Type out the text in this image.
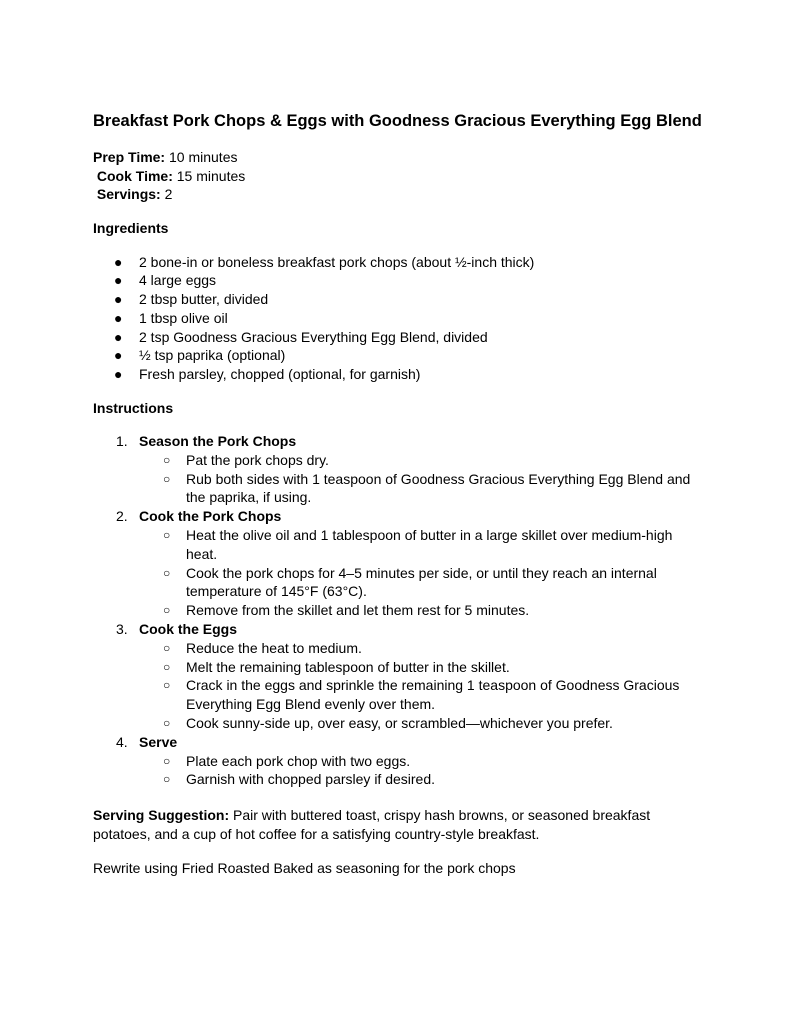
Breakfast Pork Chops & Eggs with Goodness Gracious Everything Egg Blend
Prep Time: 10 minutes
Cook Time: 15 minutes
Servings: 2
Ingredients
● 2 bone-in or boneless breakfast pork chops (about ½-inch thick)
● 4 large eggs
● 2 tbsp butter, divided
● 1 tbsp olive oil
● 2 tsp Goodness Gracious Everything Egg Blend, divided
● ½ tsp paprika (optional)
● Fresh parsley, chopped (optional, for garnish)
Instructions
1. Season the Pork Chops
○ Pat the pork chops dry.
○ Rub both sides with 1 teaspoon of Goodness Gracious Everything Egg Blend and the paprika, if using.
2. Cook the Pork Chops
○ Heat the olive oil and 1 tablespoon of butter in a large skillet over medium-high heat.
○ Cook the pork chops for 4–5 minutes per side, or until they reach an internal temperature of 145°F (63°C).
○ Remove from the skillet and let them rest for 5 minutes.
3. Cook the Eggs
○ Reduce the heat to medium.
○ Melt the remaining tablespoon of butter in the skillet.
○ Crack in the eggs and sprinkle the remaining 1 teaspoon of Goodness Gracious Everything Egg Blend evenly over them.
○ Cook sunny-side up, over easy, or scrambled—whichever you prefer.
4. Serve
○ Plate each pork chop with two eggs.
○ Garnish with chopped parsley if desired.

Serving Suggestion: Pair with buttered toast, crispy hash browns, or seasoned breakfast potatoes, and a cup of hot coffee for a satisfying country-style breakfast.

Rewrite using Fried Roasted Baked as seasoning for the pork chops
